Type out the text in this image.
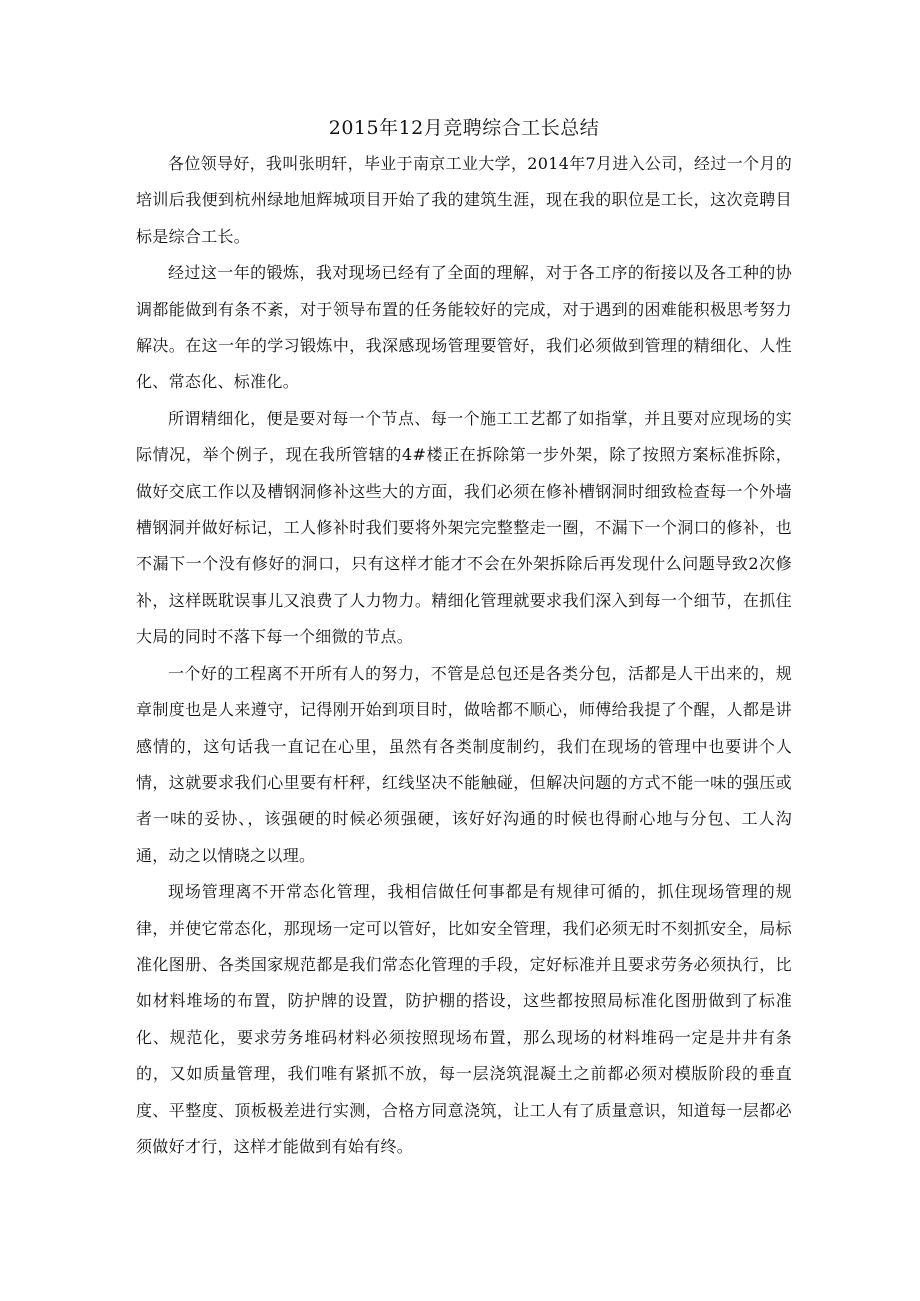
2015年12月竞聘综合工长总结

各位领导好，我叫张明轩，毕业于南京工业大学，2014年7月进入公司，经过一个月的培训后我便到杭州绿地旭辉城项目开始了我的建筑生涯，现在我的职位是工长，这次竞聘目标是综合工长。

经过这一年的锻炼，我对现场已经有了全面的理解，对于各工序的衔接以及各工种的协调都能做到有条不紊，对于领导布置的任务能较好的完成，对于遇到的困难能积极思考努力解决。在这一年的学习锻炼中，我深感现场管理要管好，我们必须做到管理的精细化、人性化、常态化、标准化。

所谓精细化，便是要对每一个节点、每一个施工工艺都了如指掌，并且要对应现场的实际情况，举个例子，现在我所管辖的4#楼正在拆除第一步外架，除了按照方案标准拆除，做好交底工作以及槽钢洞修补这些大的方面，我们必须在修补槽钢洞时细致检查每一个外墙槽钢洞并做好标记，工人修补时我们要将外架完完整整走一圈，不漏下一个洞口的修补，也不漏下一个没有修好的洞口，只有这样才能才不会在外架拆除后再发现什么问题导致2次修补，这样既耽误事儿又浪费了人力物力。精细化管理就要求我们深入到每一个细节，在抓住大局的同时不落下每一个细微的节点。

一个好的工程离不开所有人的努力，不管是总包还是各类分包，活都是人干出来的，规章制度也是人来遵守，记得刚开始到项目时，做啥都不顺心，师傅给我提了个醒，人都是讲感情的，这句话我一直记在心里，虽然有各类制度制约，我们在现场的管理中也要讲个人情，这就要求我们心里要有杆秤，红线坚决不能触碰，但解决问题的方式不能一味的强压或者一味的妥协、，该强硬的时候必须强硬，该好好沟通的时候也得耐心地与分包、工人沟通，动之以情晓之以理。

现场管理离不开常态化管理，我相信做任何事都是有规律可循的，抓住现场管理的规律，并使它常态化，那现场一定可以管好，比如安全管理，我们必须无时不刻抓安全，局标准化图册、各类国家规范都是我们常态化管理的手段，定好标准并且要求劳务必须执行，比如材料堆场的布置，防护牌的设置，防护棚的搭设，这些都按照局标准化图册做到了标准化、规范化，要求劳务堆码材料必须按照现场布置，那么现场的材料堆码一定是井井有条的，又如质量管理，我们唯有紧抓不放，每一层浇筑混凝土之前都必须对模版阶段的垂直度、平整度、顶板极差进行实测，合格方同意浇筑，让工人有了质量意识，知道每一层都必须做好才行，这样才能做到有始有终。
